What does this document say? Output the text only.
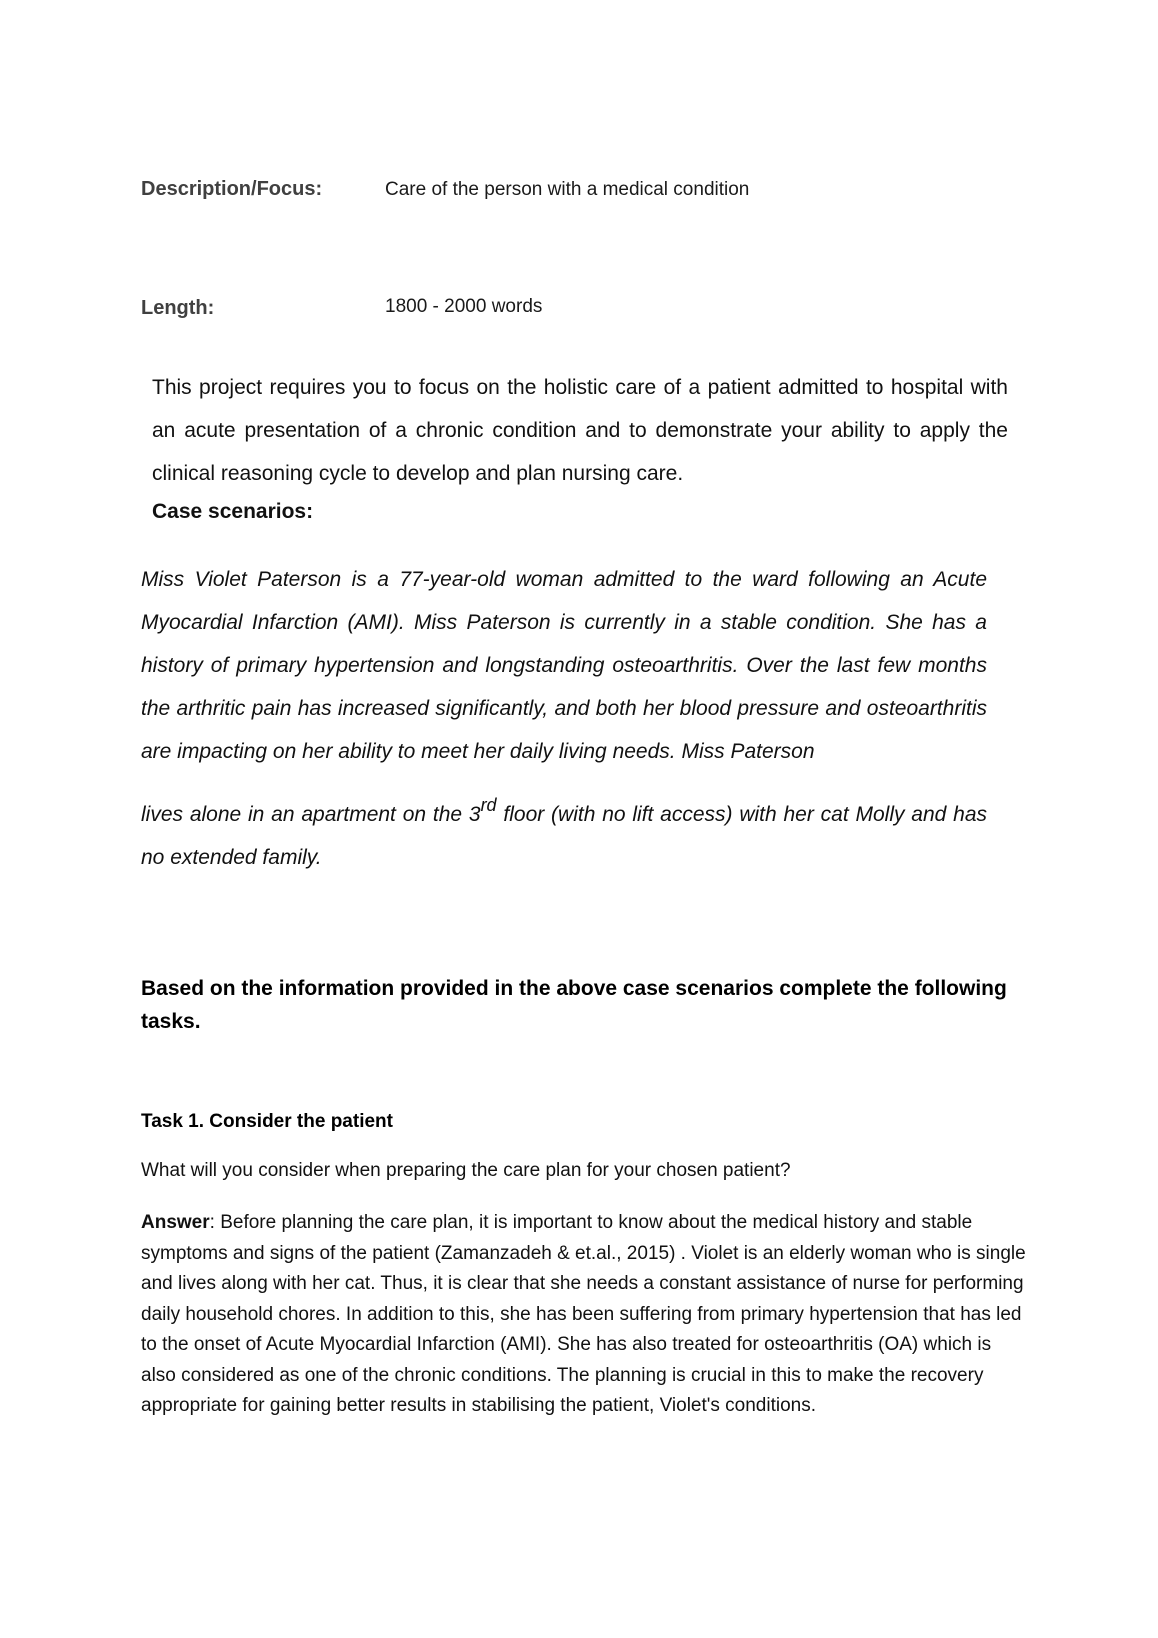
Description/Focus:	Care of the person with a medical condition
Length:	1800 - 2000 words
This project requires you to focus on the holistic care of a patient admitted to hospital with an acute presentation of a chronic condition and to demonstrate your ability to apply the clinical reasoning cycle to develop and plan nursing care.
Case scenarios:
Miss Violet Paterson is a 77-year-old woman admitted to the ward following an Acute Myocardial Infarction (AMI). Miss Paterson is currently in a stable condition. She has a history of primary hypertension and longstanding osteoarthritis. Over the last few months the arthritic pain has increased significantly, and both her blood pressure and osteoarthritis are impacting on her ability to meet her daily living needs. Miss Paterson
lives alone in an apartment on the 3rd floor (with no lift access) with her cat Molly and has no extended family.
Based on the information provided in the above case scenarios complete the following tasks.
Task 1. Consider the patient
What will you consider when preparing the care plan for your chosen patient?
Answer: Before planning the care plan, it is important to know about the medical history and stable symptoms and signs of the patient (Zamanzadeh & et.al., 2015) . Violet is an elderly woman who is single and lives along with her cat. Thus, it is clear that she needs a constant assistance of nurse for performing daily household chores. In addition to this, she has been suffering from primary hypertension that has led to the onset of Acute Myocardial Infarction (AMI). She has also treated for osteoarthritis (OA) which is also considered as one of the chronic conditions. The planning is crucial in this to make the recovery appropriate for gaining better results in stabilising the patient, Violet's conditions.
